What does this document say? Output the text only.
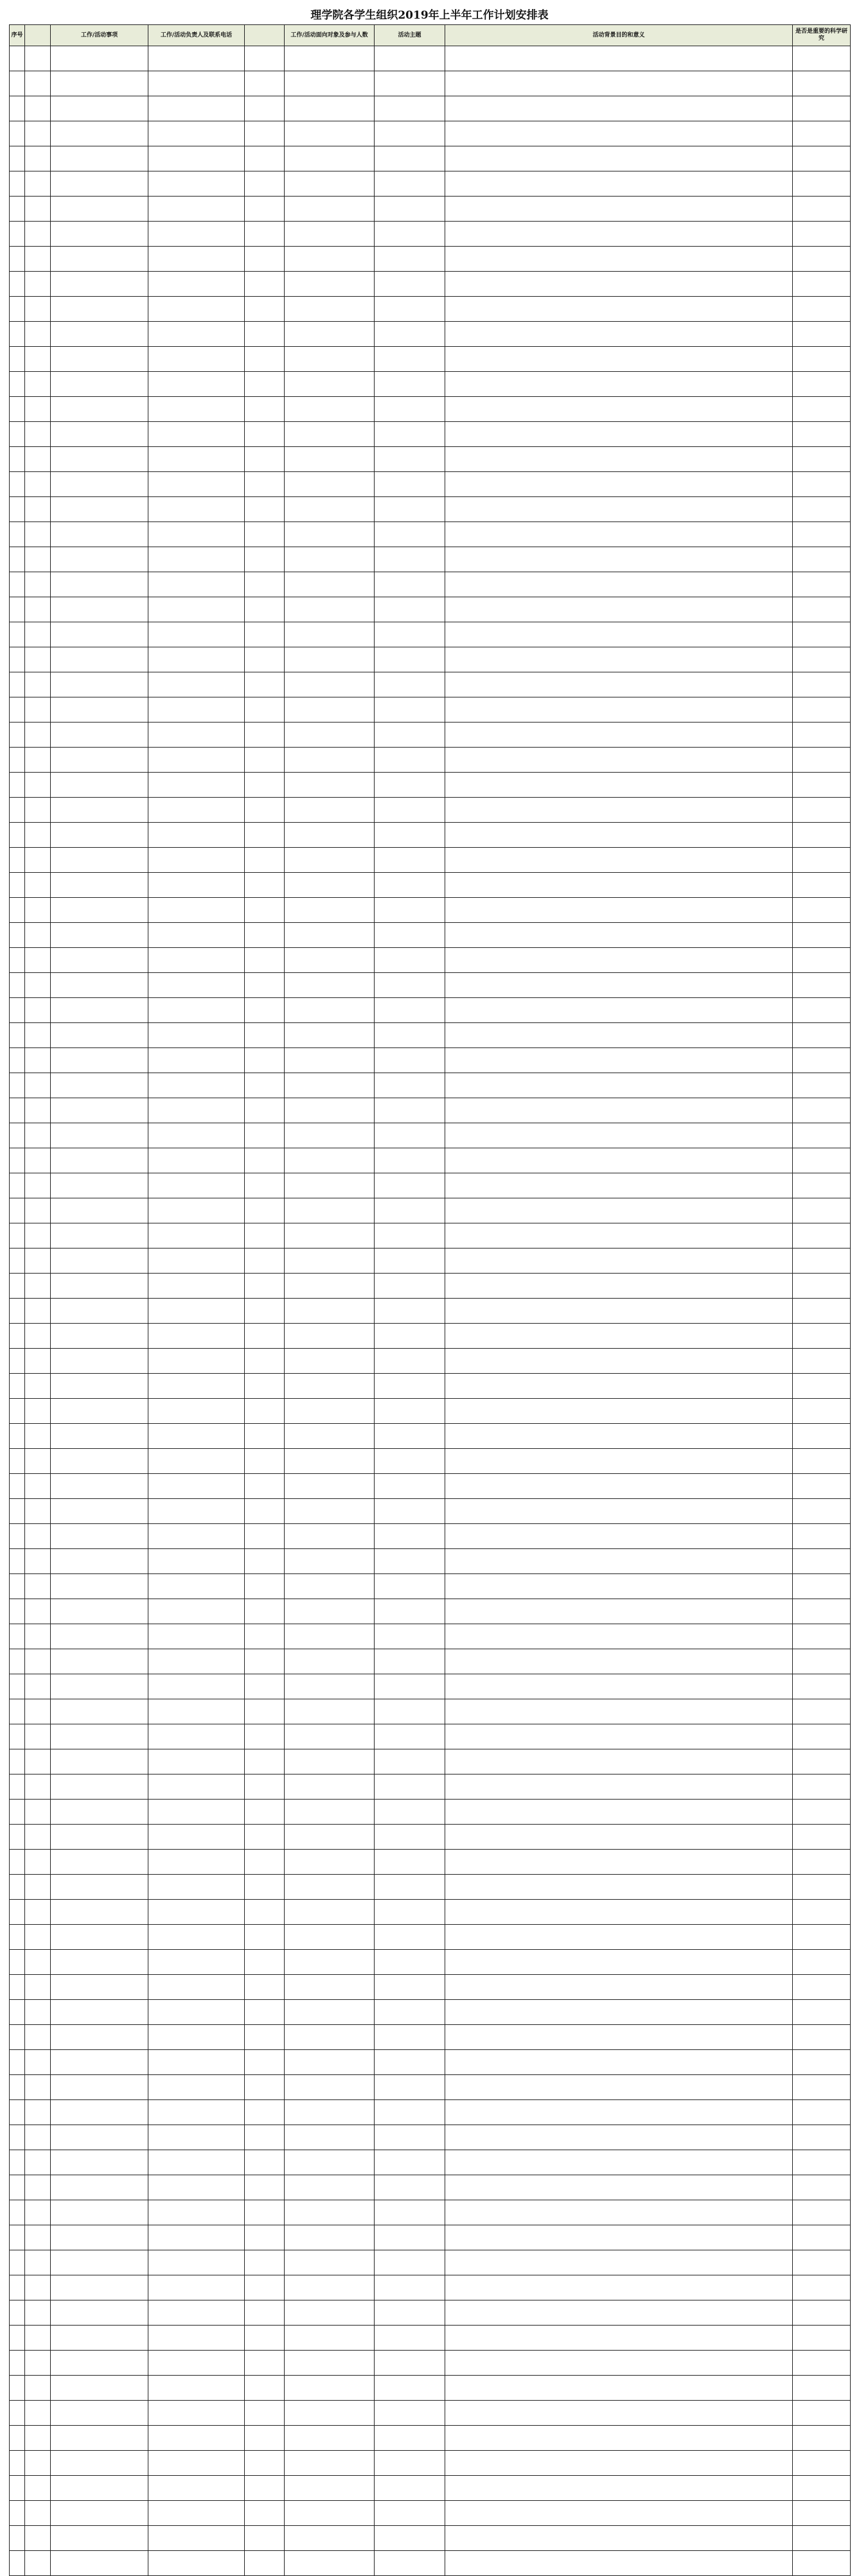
理学院各学生组织2019年上半年工作计划安排表
序号		工作/活动事项	工作/活动负责人及联系电话		工作/活动面向对象及参与人数	活动主题	活动背景目的和意义	是否是重要的科学研究
